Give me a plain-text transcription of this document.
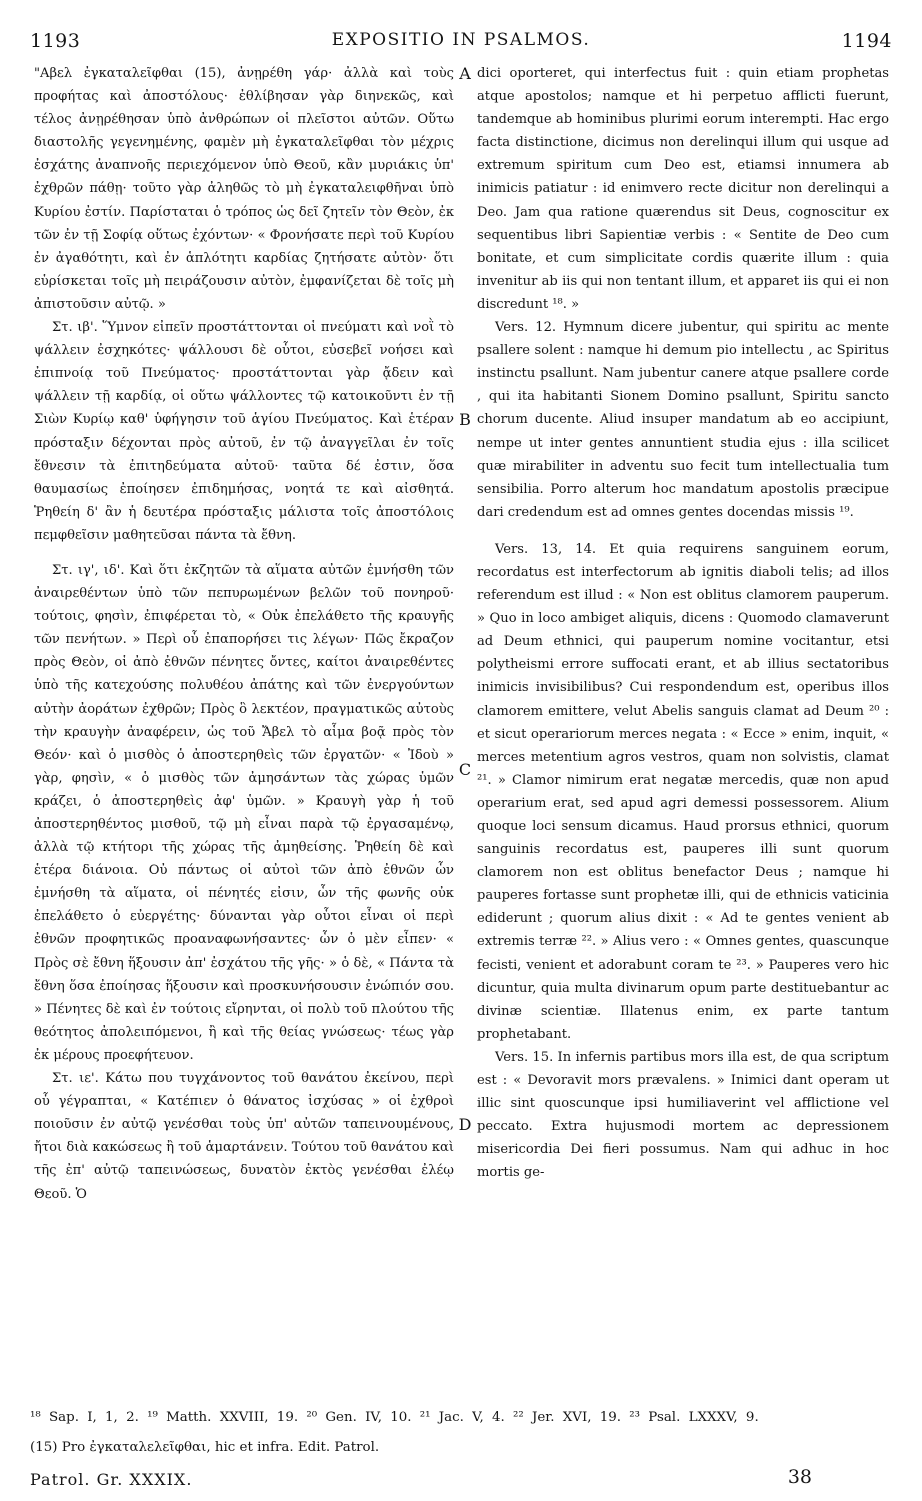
EXPOSITIO IN PSALMOS.
1193	1194

"Αβελ ἐγκαταλεῖφθαι (15), ἀνῃρέθη γάρ· ἀλλὰ καὶ τοὺς προφήτας καὶ ἀποστόλους· ἐθλίβησαν γὰρ διηνεκῶς, καὶ τέλος ἀνῃρέθησαν ὑπὸ ἀνθρώπων οἱ πλεῖστοι αὐτῶν. Οὕτω διαστολῆς γεγενημένης, φαμὲν μὴ ἐγκαταλεῖφθαι τὸν μέχρις ἐσχάτης ἀναπνοῆς περιεχόμενον ὑπὸ Θεοῦ, κἂν μυριάκις ὑπ' ἐχθρῶν πάθῃ· τοῦτο γὰρ ἀληθῶς τὸ μὴ ἐγκαταλειφθῆναι ὑπὸ Κυρίου ἐστίν. Παρίσταται ὁ τρόπος ὡς δεῖ ζητεῖν τὸν Θεὸν, ἐκ τῶν ἐν τῇ Σοφίᾳ οὕτως ἐχόντων· « Φρονήσατε περὶ τοῦ Κυρίου ἐν ἀγαθότητι, καὶ ἐν ἁπλότητι καρδίας ζητήσατε αὐτὸν· ὅτι εὑρίσκεται τοῖς μὴ πειράζουσιν αὐτὸν, ἐμφανίζεται δὲ τοῖς μὴ ἀπιστοῦσιν αὐτῷ. »

Στ. ιβ'. Ὕμνον εἰπεῖν προστάττονται οἱ πνεύματι καὶ νοῒ τὸ ψάλλειν ἐσχηκότες· ψάλλουσι δὲ οὗτοι, εὐσεβεῖ νοήσει καὶ ἐπιπνοίᾳ τοῦ Πνεύματος· προστάττονται γὰρ ᾄδειν καὶ ψάλλειν τῇ καρδίᾳ, οἱ οὕτω ψάλλοντες τῷ κατοικοῦντι ἐν τῇ Σιὼν Κυρίῳ καθ' ὑφήγησιν τοῦ ἁγίου Πνεύματος. Καὶ ἑτέραν πρόσταξιν δέχονται πρὸς αὐτοῦ, ἐν τῷ ἀναγγεῖλαι ἐν τοῖς ἔθνεσιν τὰ ἐπιτηδεύματα αὐτοῦ· ταῦτα δέ ἐστιν, ὅσα θαυμασίως ἐποίησεν ἐπιδημήσας, νοητά τε καὶ αἰσθητά. Ῥηθείη δ' ἂν ἡ δευτέρα πρόσταξις μάλιστα τοῖς ἀποστόλοις πεμφθεῖσιν μαθητεῦσαι πάντα τὰ ἔθνη.

Στ. ιγ', ιδ'. Καὶ ὅτι ἐκζητῶν τὰ αἵματα αὐτῶν ἐμνήσθη τῶν ἀναιρεθέντων ὑπὸ τῶν πεπυρωμένων βελῶν τοῦ πονηροῦ· τούτοις, φησὶν, ἐπιφέρεται τὸ, « Οὐκ ἐπελάθετο τῆς κραυγῆς τῶν πενήτων. » Περὶ οὗ ἐπαπορήσει τις λέγων· Πῶς ἔκραζον πρὸς Θεὸν, οἱ ἀπὸ ἐθνῶν πένητες ὄντες, καίτοι ἀναιρεθέντες ὑπὸ τῆς κατεχούσης πολυθέου ἀπάτης καὶ τῶν ἐνεργούντων αὐτὴν ἀοράτων ἐχθρῶν; Πρὸς ὃ λεκτέον, πραγματικῶς αὐτοὺς τὴν κραυγὴν ἀναφέρειν, ὡς τοῦ Ἄβελ τὸ αἷμα βοᾷ πρὸς τὸν Θεόν· καὶ ὁ μισθὸς ὁ ἀποστερηθεὶς τῶν ἐργατῶν· « Ἰδοὺ » γὰρ, φησὶν, « ὁ μισθὸς τῶν ἀμησάντων τὰς χώρας ὑμῶν κράζει, ὁ ἀποστερηθεὶς ἀφ' ὑμῶν. » Κραυγὴ γὰρ ἡ τοῦ ἀποστερηθέντος μισθοῦ, τῷ μὴ εἶναι παρὰ τῷ ἐργασαμένῳ, ἀλλὰ τῷ κτήτορι τῆς χώρας τῆς ἀμηθείσης. Ῥηθείη δὲ καὶ ἑτέρα διάνοια. Οὐ πάντως οἱ αὐτοὶ τῶν ἀπὸ ἐθνῶν ὧν ἐμνήσθη τὰ αἵματα, οἱ πένητές εἰσιν, ὧν τῆς φωνῆς οὐκ ἐπελάθετο ὁ εὐεργέτης· δύνανται γὰρ οὗτοι εἶναι οἱ περὶ ἐθνῶν προφητικῶς προαναφωνήσαντες· ὧν ὁ μὲν εἶπεν· « Πρὸς σὲ ἔθνη ἥξουσιν ἀπ' ἐσχάτου τῆς γῆς· » ὁ δὲ, « Πάντα τὰ ἔθνη ὅσα ἐποίησας ἥξουσιν καὶ προσκυνήσουσιν ἐνώπιόν σου. » Πένητες δὲ καὶ ἐν τούτοις εἴρηνται, οἱ πολὺ τοῦ πλούτου τῆς θεότητος ἀπολειπόμενοι, ἢ καὶ τῆς θείας γνώσεως· τέως γὰρ ἐκ μέρους προεφήτευον.

Στ. ιε'. Κάτω που τυγχάνοντος τοῦ θανάτου ἐκείνου, περὶ οὗ γέγραπται, « Κατέπιεν ὁ θάνατος ἰσχύσας » οἱ ἐχθροὶ ποιοῦσιν ἐν αὐτῷ γενέσθαι τοὺς ὑπ' αὐτῶν ταπεινουμένους, ἤτοι διὰ κακώσεως ἢ τοῦ ἁμαρτάνειν. Τούτου τοῦ θανάτου καὶ τῆς ἐπ' αὐτῷ ταπεινώσεως, δυνατὸν ἐκτὸς γενέσθαι ἐλέῳ Θεοῦ. Ὁ

dici oporteret, qui interfectus fuit : quin etiam prophetas atque apostolos; namque et hi perpetuo afflicti fuerunt, tandemque ab hominibus plurimi eorum interempti. Hac ergo facta distinctione, dicimus non derelinqui illum qui usque ad extremum spiritum cum Deo est, etiamsi innumera ab inimicis patiatur : id enimvero recte dicitur non derelinqui a Deo. Jam qua ratione quærendus sit Deus, cognoscitur ex sequentibus libri Sapientiæ verbis : « Sentite de Deo cum bonitate, et cum simplicitate cordis quærite illum : quia invenitur ab iis qui non tentant illum, et apparet iis qui ei non discredunt ¹⁸. »

Vers. 12. Hymnum dicere jubentur, qui spiritu ac mente psallere solent : namque hi demum pio intellectu , ac Spiritus instinctu psallunt. Nam jubentur canere atque psallere corde , qui ita habitanti Sionem Domino psallunt, Spiritu sancto chorum ducente. Aliud insuper mandatum ab eo accipiunt, nempe ut inter gentes annuntient studia ejus : illa scilicet quæ mirabiliter in adventu suo fecit tum intellectualia tum sensibilia. Porro alterum hoc mandatum apostolis præcipue dari credendum est ad omnes gentes docendas missis ¹⁹.

Vers. 13, 14. Et quia requirens sanguinem eorum, recordatus est interfectorum ab ignitis diaboli telis; ad illos referendum est illud : « Non est oblitus clamorem pauperum. » Quo in loco ambiget aliquis, dicens : Quomodo clamaverunt ad Deum ethnici, qui pauperum nomine vocitantur, etsi polytheismi errore suffocati erant, et ab illius sectatoribus inimicis invisibilibus? Cui respondendum est, operibus illos clamorem emittere, velut Abelis sanguis clamat ad Deum ²⁰ : et sicut operariorum merces negata : « Ecce » enim, inquit, « merces metentium agros vestros, quam non solvistis, clamat ²¹. » Clamor nimirum erat negatæ mercedis, quæ non apud operarium erat, sed apud agri demessi possessorem. Alium quoque loci sensum dicamus. Haud prorsus ethnici, quorum sanguinis recordatus est, pauperes illi sunt quorum clamorem non est oblitus benefactor Deus ; namque hi pauperes fortasse sunt prophetæ illi, qui de ethnicis vaticinia ediderunt ; quorum alius dixit : « Ad te gentes venient ab extremis terræ ²². » Alius vero : « Omnes gentes, quascunque fecisti, venient et adorabunt coram te ²³. » Pauperes vero hic dicuntur, quia multa divinarum opum parte destituebantur ac divinæ scientiæ. Illatenus enim, ex parte tantum prophetabant.

Vers. 15. In infernis partibus mors illa est, de qua scriptum est : « Devoravit mors prævalens. » Inimici dant operam ut illic sint quoscunque ipsi humiliaverint vel afflictione vel peccato. Extra hujusmodi mortem ac depressionem misericordia Dei fieri possumus. Nam qui adhuc in hoc mortis ge-

A
B
C
D
¹⁸ Sap. I, 1, 2. ¹⁹ Matth. XXVIII, 19. ²⁰ Gen. IV, 10. ²¹ Jac. V, 4. ²² Jer. XVI, 19. ²³ Psal. LXXXV, 9.
(15) Pro ἐγκαταλελεῖφθαι, hic et infra. Edit. Patrol.
Patrol. Gr. XXXIX.	38
